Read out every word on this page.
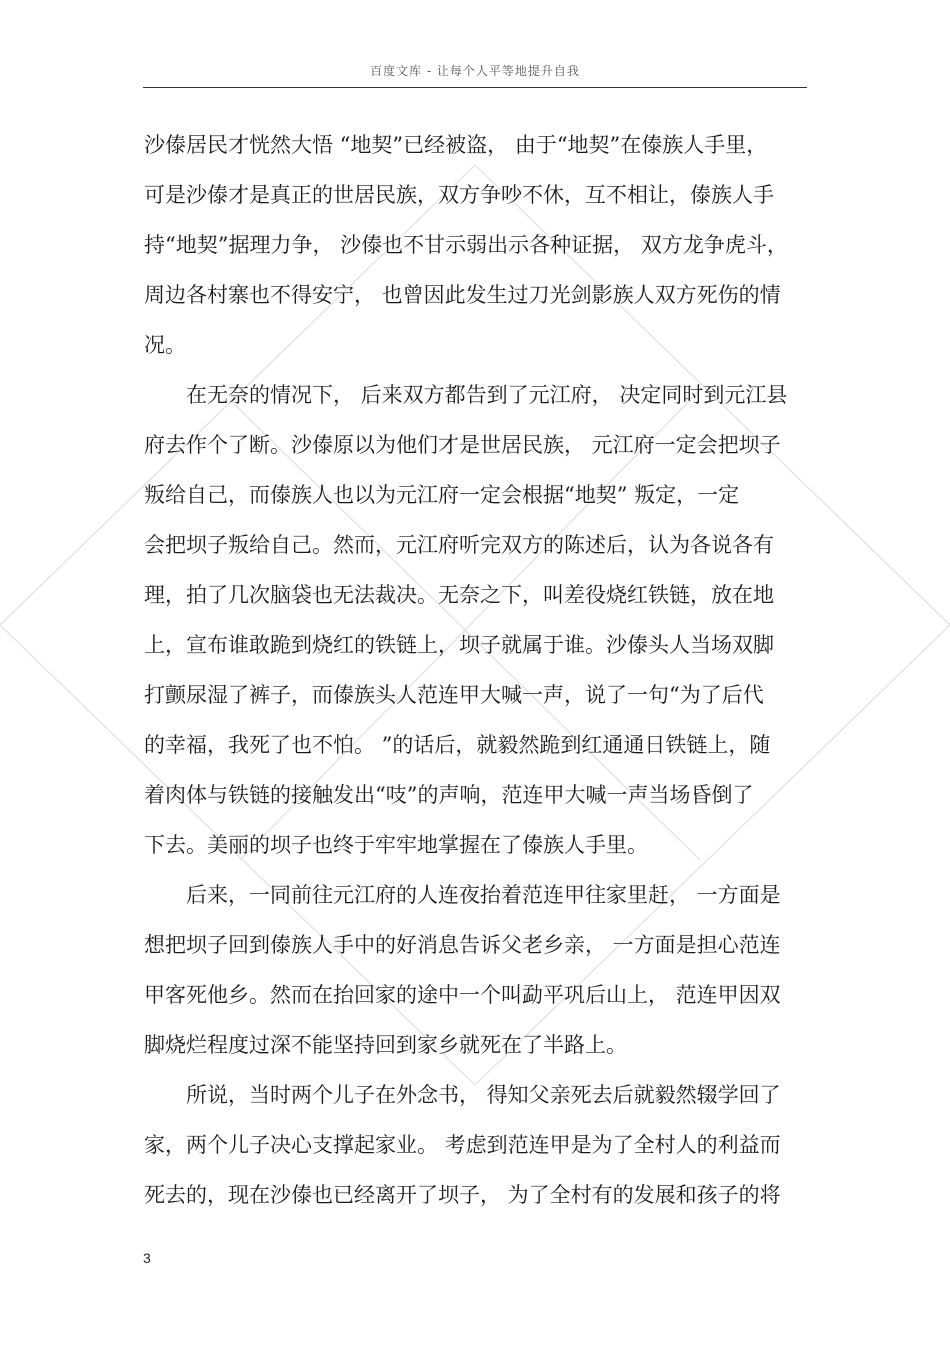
百度文库 - 让每个人平等地提升自我
沙傣居民才恍然大悟 “地契”已经被盗， 由于“地契”在傣族人手里，
可是沙傣才是真正的世居民族，双方争吵不休，互不相让，傣族人手
持“地契”据理力争， 沙傣也不甘示弱出示各种证据， 双方龙争虎斗，
周边各村寨也不得安宁， 也曾因此发生过刀光剑影族人双方死伤的情
况。
　　在无奈的情况下， 后来双方都告到了元江府， 决定同时到元江县
府去作个了断。沙傣原以为他们才是世居民族， 元江府一定会把坝子
叛给自己，而傣族人也以为元江府一定会根据“地契” 叛定，一定
会把坝子叛给自己。然而，元江府听完双方的陈述后，认为各说各有
理，拍了几次脑袋也无法裁决。无奈之下，叫差役烧红铁链，放在地
上，宣布谁敢跪到烧红的铁链上，坝子就属于谁。沙傣头人当场双脚
打颤尿湿了裤子，而傣族头人范连甲大喊一声，说了一句“为了后代
的幸福，我死了也不怕。 ”的话后，就毅然跪到红通通日铁链上，随
着肉体与铁链的接触发出“吱”的声响，范连甲大喊一声当场昏倒了
下去。美丽的坝子也终于牢牢地掌握在了傣族人手里。
　　后来，一同前往元江府的人连夜抬着范连甲往家里赶， 一方面是
想把坝子回到傣族人手中的好消息告诉父老乡亲， 一方面是担心范连
甲客死他乡。然而在抬回家的途中一个叫勐平巩后山上， 范连甲因双
脚烧烂程度过深不能坚持回到家乡就死在了半路上。
　　所说，当时两个儿子在外念书， 得知父亲死去后就毅然辍学回了
家，两个儿子决心支撑起家业。 考虑到范连甲是为了全村人的利益而
死去的，现在沙傣也已经离开了坝子， 为了全村有的发展和孩子的将
3
